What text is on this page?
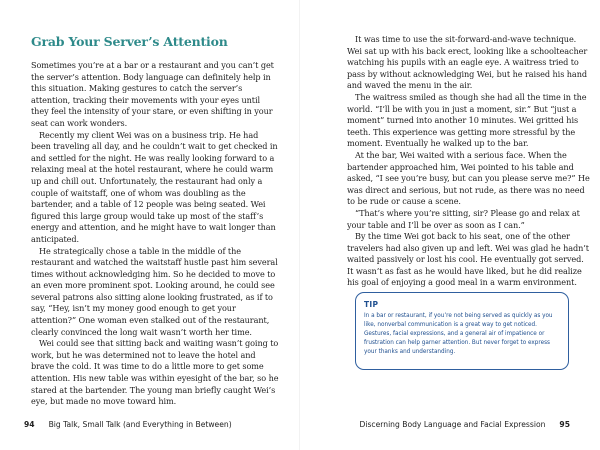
Grab Your Server’s Attention

Sometimes you’re at a bar or a restaurant and you can’t get the server’s attention. Body language can definitely help in this situation. Making gestures to catch the server’s attention, tracking their movements with your eyes until they feel the intensity of your stare, or even shifting in your seat can work wonders.

Recently my client Wei was on a business trip. He had been traveling all day, and he couldn’t wait to get checked in and settled for the night. He was really looking forward to a relaxing meal at the hotel restaurant, where he could warm up and chill out. Unfortunately, the restaurant had only a couple of waitstaff, one of whom was doubling as the bartender, and a table of 12 people was being seated. Wei figured this large group would take up most of the staff’s energy and attention, and he might have to wait longer than anticipated.

He strategically chose a table in the middle of the restaurant and watched the waitstaff hustle past him several times without acknowledging him. So he decided to move to an even more prominent spot. Looking around, he could see several patrons also sitting alone looking frustrated, as if to say, “Hey, isn’t my money good enough to get your attention?” One woman even stalked out of the restaurant, clearly convinced the long wait wasn’t worth her time.

Wei could see that sitting back and waiting wasn’t going to work, but he was determined not to leave the hotel and brave the cold. It was time to do a little more to get some attention. His new table was within eyesight of the bar, so he stared at the bartender. The young man briefly caught Wei’s eye, but made no move toward him.

It was time to use the sit-forward-and-wave technique. Wei sat up with his back erect, looking like a schoolteacher watching his pupils with an eagle eye. A waitress tried to pass by without acknowledging Wei, but he raised his hand and waved the menu in the air.

The waitress smiled as though she had all the time in the world. “I’ll be with you in just a moment, sir.” But “just a moment” turned into another 10 minutes. Wei gritted his teeth. This experience was getting more stressful by the moment. Eventually he walked up to the bar.

At the bar, Wei waited with a serious face. When the bartender approached him, Wei pointed to his table and asked, “I see you’re busy, but can you please serve me?” He was direct and serious, but not rude, as there was no need to be rude or cause a scene.

“That’s where you’re sitting, sir? Please go and relax at your table and I’ll be over as soon as I can.”

By the time Wei got back to his seat, one of the other travelers had also given up and left. Wei was glad he hadn’t waited passively or lost his cool. He eventually got served. It wasn’t as fast as he would have liked, but he did realize his goal of enjoying a good meal in a warm environment.

TIP

In a bar or restaurant, if you’re not being served as quickly as you like, nonverbal communication is a great way to get noticed. Gestures, facial expressions, and a general air of impatience or frustration can help garner attention. But never forget to express your thanks and understanding.

94 Big Talk, Small Talk (and Everything in Between)	Discerning Body Language and Facial Expression 95
